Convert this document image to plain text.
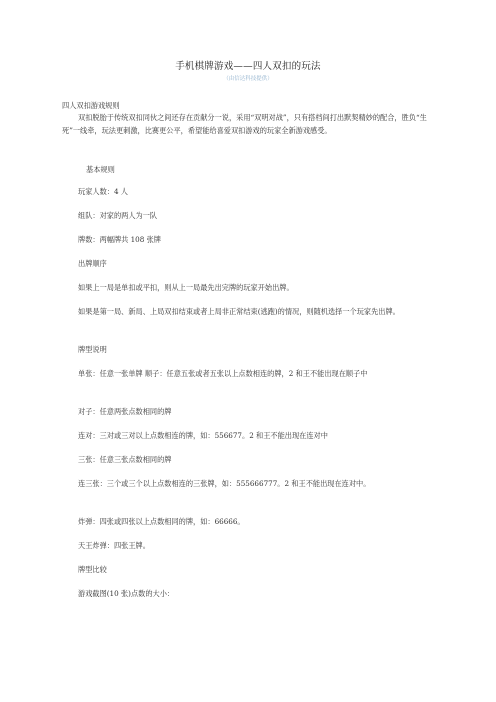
手机棋牌游戏——四人双扣的玩法
（由信达科技提供）
四人双扣游戏规则
双扣脱胎于传统双扣同伙之间还存在贡献分一说，采用“双明对战”，只有搭档间打出默契精妙的配合，胜负“生死”一线牵，玩法更刺激，比赛更公平，希望能给喜爱双扣游戏的玩家全新游戏感受。
基本规则
玩家人数：4 人
组队：对家的两人为一队
牌数：两幅牌共 108 张牌
出牌顺序
如果上一局是单扣或平扣，则从上一局最先出完牌的玩家开始出牌。
如果是第一局、新局、上局双扣结束或者上局非正常结束(逃跑)的情况，则随机选择一个玩家先出牌。
牌型说明
单张：任意一张单牌 顺子：任意五张或者五张以上点数相连的牌，2 和王不能出现在顺子中
对子：任意两张点数相同的牌
连对：三对或三对以上点数相连的牌，如：556677。2 和王不能出现在连对中
三张：任意三张点数相同的牌
连三张：三个或三个以上点数相连的三张牌，如：555666777。2 和王不能出现在连对中。
炸弹：四张或四张以上点数相同的牌，如：66666。
天王炸弹：四张王牌。
牌型比较
游戏截图(10 张)点数的大小：
